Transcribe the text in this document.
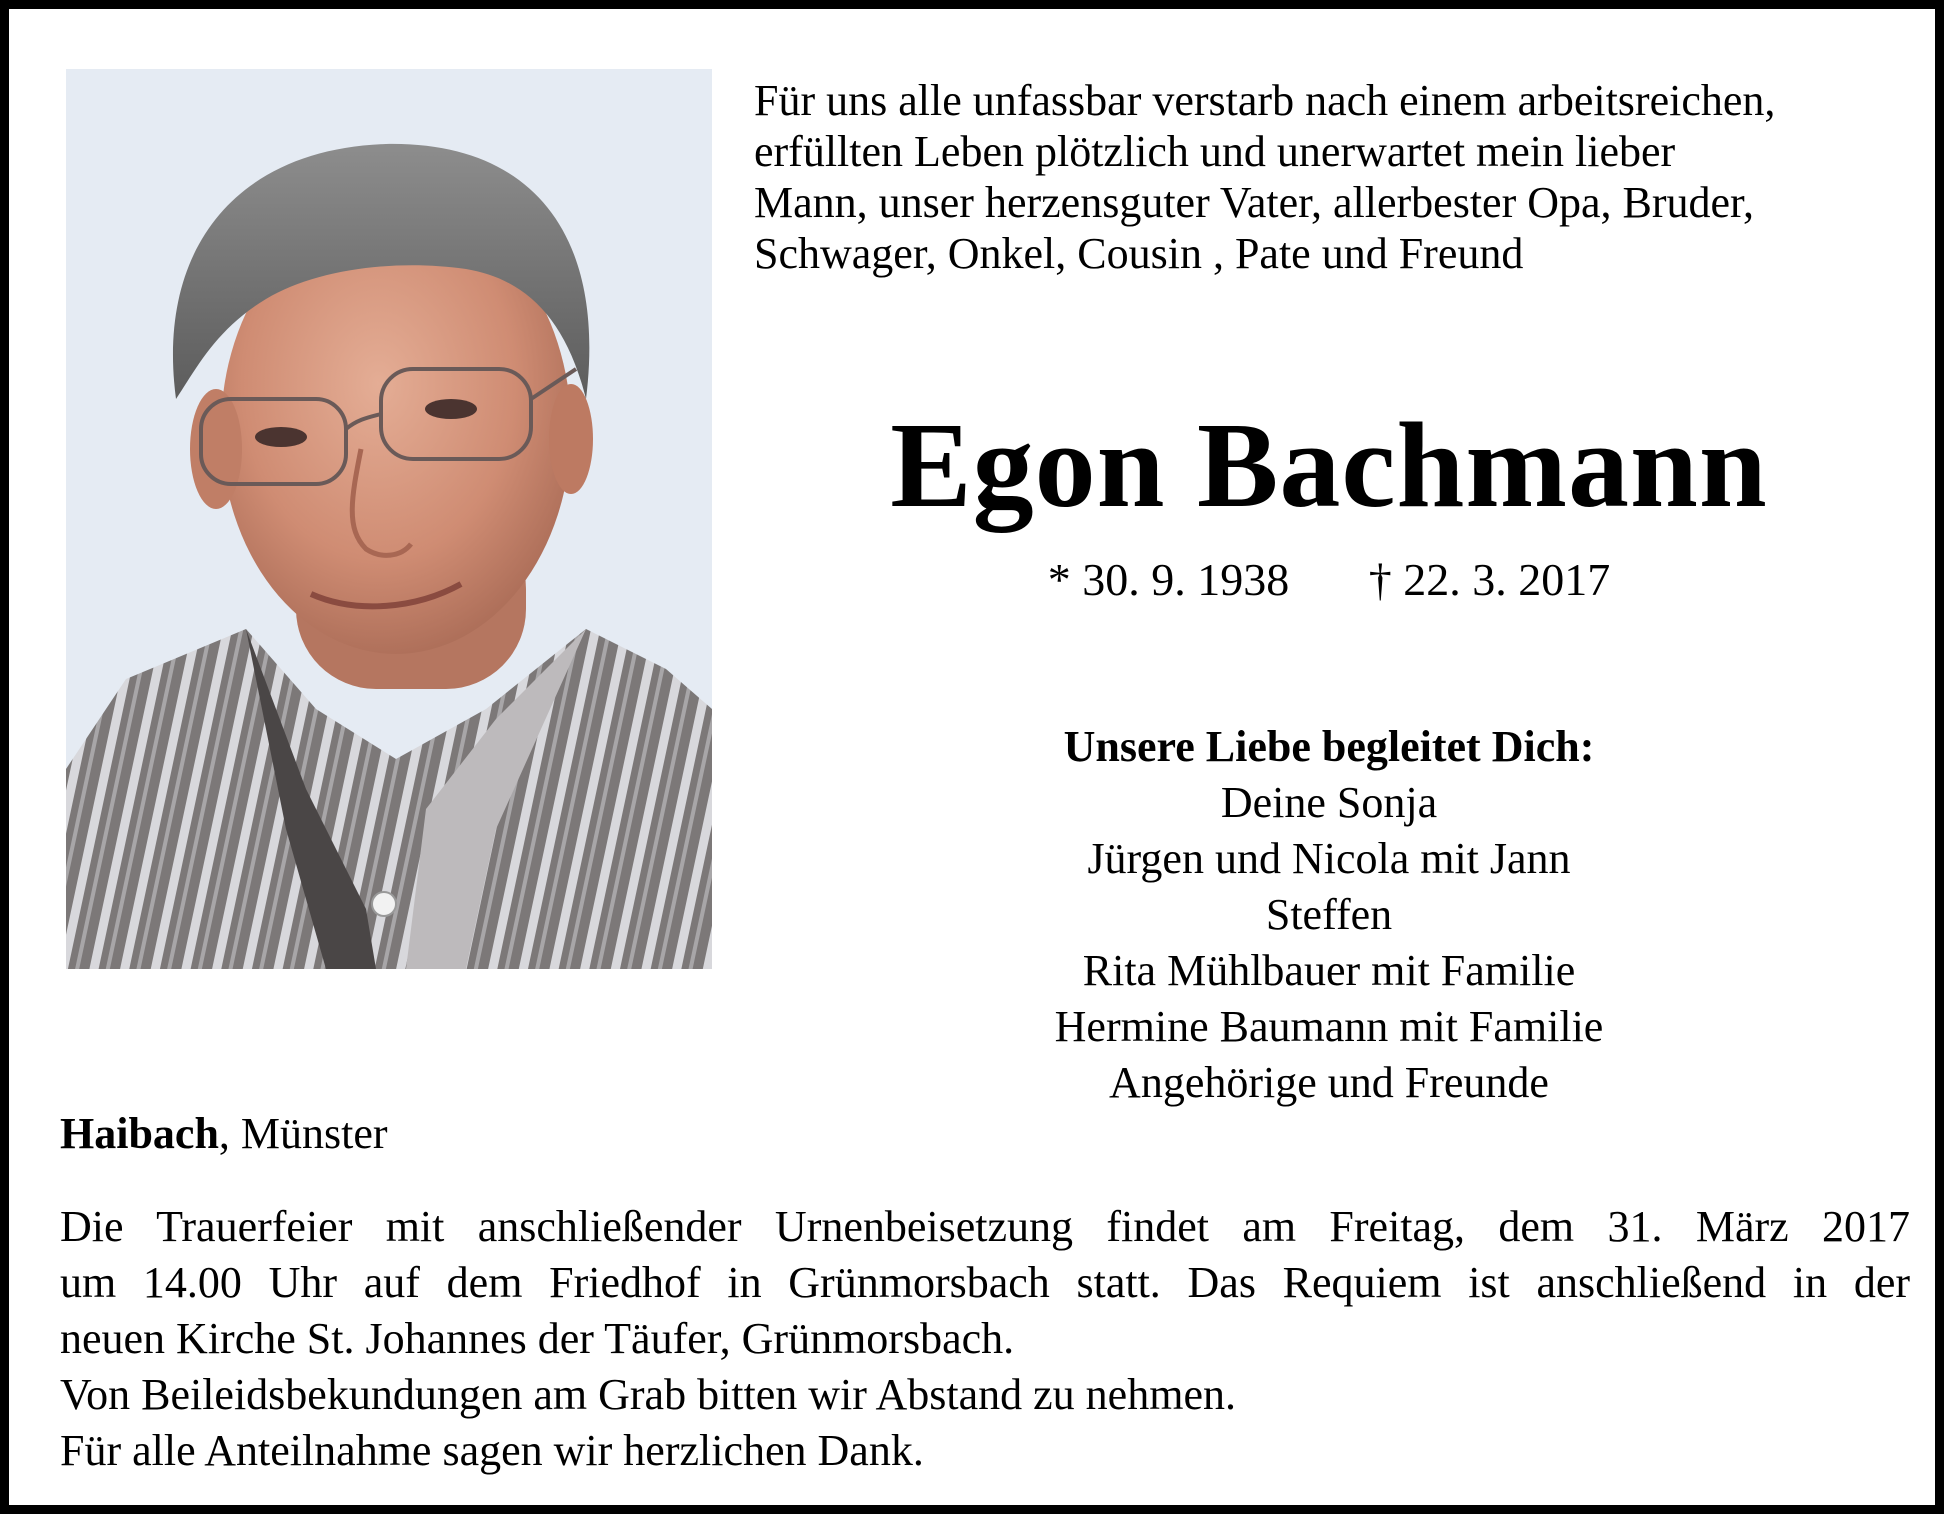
Für uns alle unfassbar verstarb nach einem arbeitsreichen,
erfüllten Leben plötzlich und unerwartet mein lieber
Mann, unser herzensguter Vater, allerbester Opa, Bruder,
Schwager, Onkel, Cousin , Pate und Freund
Egon Bachmann
* 30. 9. 1938 † 22. 3. 2017
Unsere Liebe begleitet Dich:
Deine Sonja
Jürgen und Nicola mit Jann
Steffen
Rita Mühlbauer mit Familie
Hermine Baumann mit Familie
Angehörige und Freunde
Haibach, Münster
Die Trauerfeier mit anschließender Urnenbeisetzung findet am Freitag, dem 31. März 2017
um 14.00 Uhr auf dem Friedhof in Grünmorsbach statt. Das Requiem ist anschließend in der
neuen Kirche St. Johannes der Täufer, Grünmorsbach.
Von Beileidsbekundungen am Grab bitten wir Abstand zu nehmen.
Für alle Anteilnahme sagen wir herzlichen Dank.
